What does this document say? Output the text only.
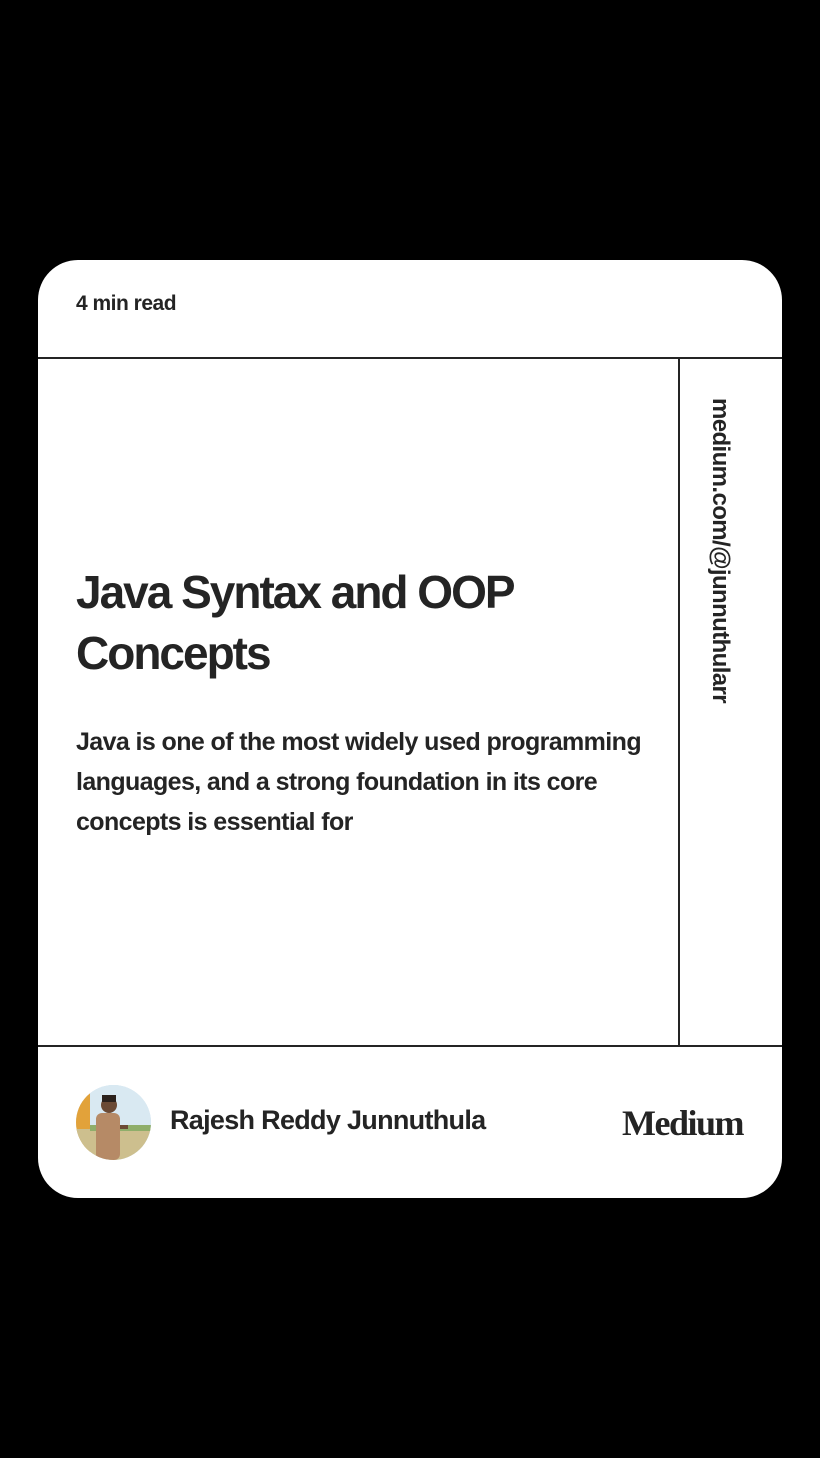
4 min read
Java Syntax and OOP Concepts

Java is one of the most widely used programming languages, and a strong foundation in its core concepts is essential for

medium.com/@junnuthularr
Rajesh Reddy Junnuthula	Medium
